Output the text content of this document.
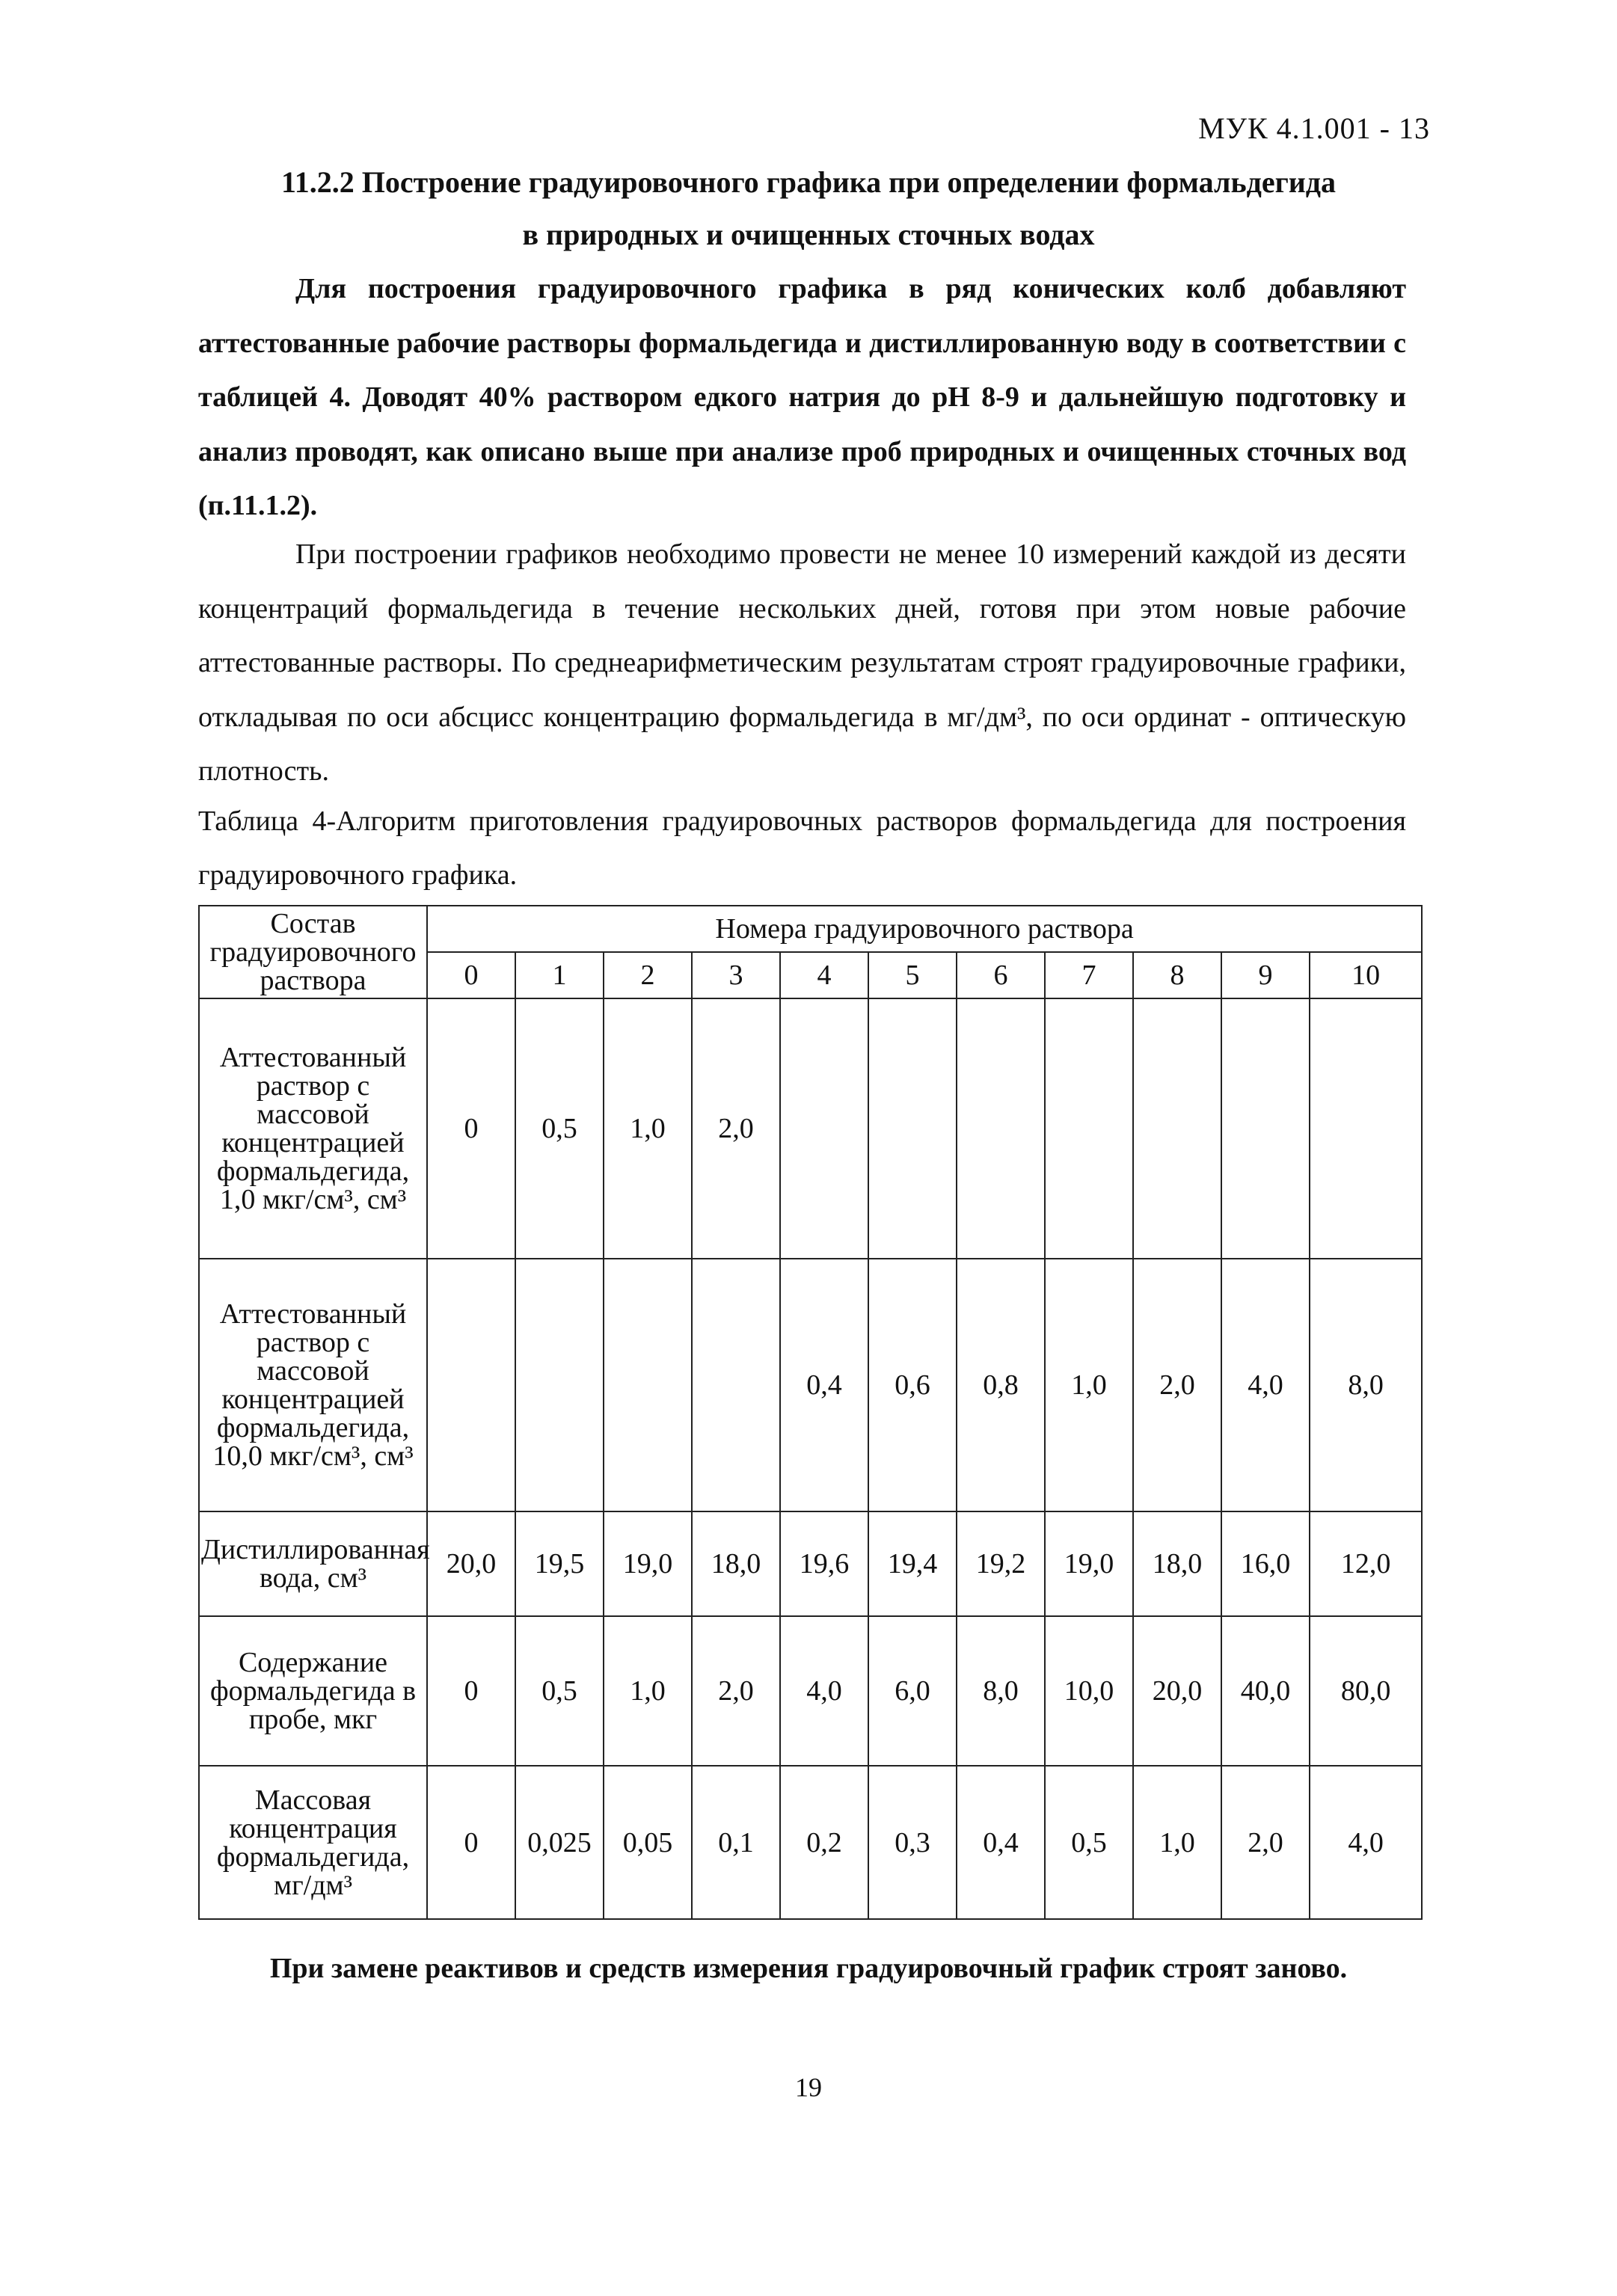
МУК 4.1.001 - 13
11.2.2 Построение градуировочного графика при определении формальдегида
в природных и очищенных сточных водах
Для построения градуировочного графика в ряд конических колб добавляют аттестованные рабочие растворы формальдегида и дистиллированную воду в соответствии с таблицей 4. Доводят 40% раствором едкого натрия до pH 8-9 и дальнейшую подготовку и анализ проводят, как описано выше при анализе проб природных и очищенных сточных вод (п.11.1.2).
При построении графиков необходимо провести не менее 10 измерений каждой из десяти концентраций формальдегида в течение нескольких дней, готовя при этом новые рабочие аттестованные растворы. По среднеарифметическим результатам строят градуировочные графики, откладывая по оси абсцисс концентрацию формальдегида в мг/дм³, по оси ординат - оптическую плотность.
Таблица 4-Алгоритм приготовления градуировочных растворов формальдегида для построения градуировочного графика.
Состав градуировочного раствора	Номера градуировочного раствора										
	0	1	2	3	4	5	6	7	8	9	10
Аттестованный раствор с массовой концентрацией формальдегида, 1,0 мкг/см³, см³	0	0,5	1,0	2,0							
Аттестованный раствор с массовой концентрацией формальдегида, 10,0 мкг/см³, см³					0,4	0,6	0,8	1,0	2,0	4,0	8,0
Дистиллированная вода, см³	20,0	19,5	19,0	18,0	19,6	19,4	19,2	19,0	18,0	16,0	12,0
Содержание формальдегида в пробе, мкг	0	0,5	1,0	2,0	4,0	6,0	8,0	10,0	20,0	40,0	80,0
Массовая концентрация формальдегида, мг/дм³	0	0,025	0,05	0,1	0,2	0,3	0,4	0,5	1,0	2,0	4,0
При замене реактивов и средств измерения градуировочный график строят заново.
19
